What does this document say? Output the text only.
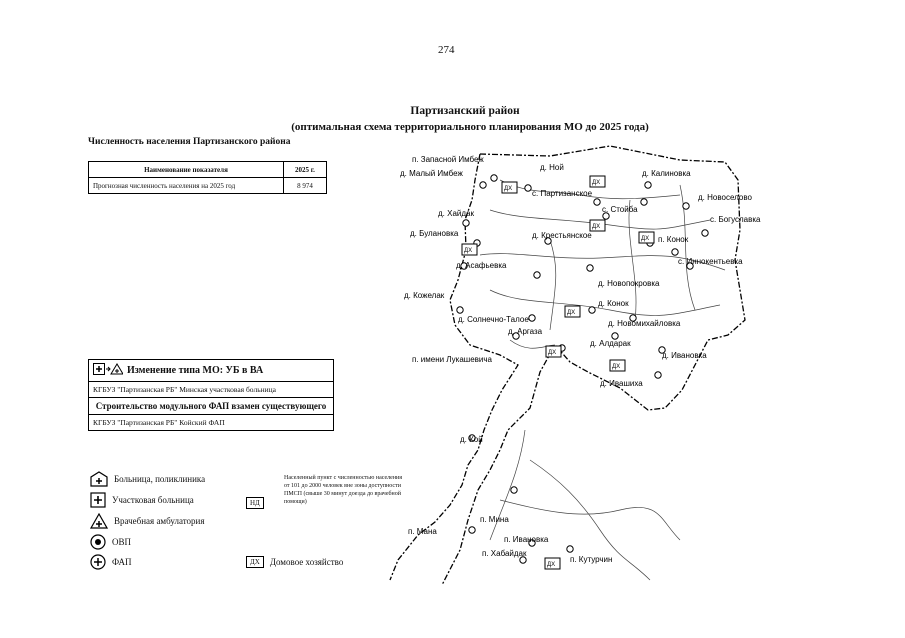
274
Партизанский район
(оптимальная схема территориального планирования МО до 2025 года)
Численность населения Партизанского района
Наименование показателя	2025 г.
Прогнозная численность населения на 2025 год	8 974
Изменение типа МО: УБ в ВА
КГБУЗ "Партизанская РБ" Минская участковая больница
Строительство модульного ФАП взамен существующего
КГБУЗ "Партизанская РБ" Койский ФАП
Больница, поликлиника
Участковая больница
Врачебная амбулатория
ОВП
ФАП
НД
Населенный пункт с численностью населения от 101 до 2000 человек вне зоны доступности ПМСП (свыше 30 минут доезда до врачебной помощи)
ДХ	Домовое хозяйство
п. Запасной Имбеж
д. Малый Имбеж
д. Ной
д. Калиновка
с. Партизанское	д. Новоселово
с. Стойба
с. Богуславка
д. Хайдак
д. Булановка	д. Крестьянское	п. Конок
д. Асафьевка	с. Иннокентьевка
д. Новопокровка
д. Кожелак
д. Конок
д. Солнечно-Талое	д. Новомихайловка
д. Аргаза
д. Алдарак
д. Ивановка
п. имени Лукашевича
д. Ивашиха
д. Кой
п. Мина
п. Мана
п. Ивановка
п. Хабайдак
п. Кутурчин
ДХ
ДХ
ДХ
ДХ
ДХ
ДХ
ДХ
ДХ
ДХ
